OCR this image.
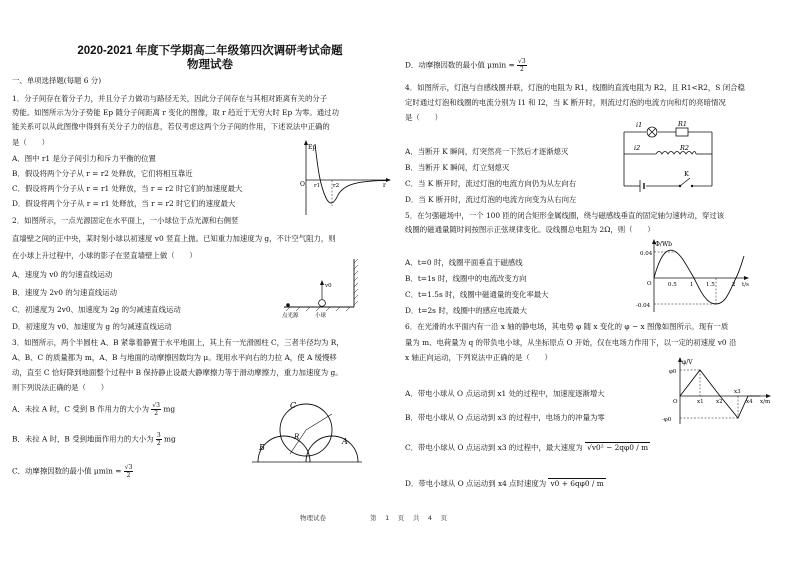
2020-2021 年度下学期高二年级第四次调研考试命题
物理试卷
一、单项选择题(每题 6 分)
1．分子间存在着分子力，并且分子力做功与路径无关，因此分子间存在与其相对距离有关的分子
势能。如图所示为分子势能 Ep 随分子间距离 r 变化的图像，取 r 趋近于无穷大时 Ep 为零。通过功
能关系可以从此图像中得到有关分子力的信息，若仅考虑这两个分子间的作用，下述说法中正确的
是（　　）
A．图中 r1 是分子间引力和斥力平衡的位置
B．假设将两个分子从 r = r2 处释放，它们将相互靠近
C．假设将两个分子从 r = r1 处释放，当 r = r2 时它们的加速度最大
D．假设将两个分子从 r = r1 处释放，当 r = r2 时它们的速度最大
2．如图所示，一点光源固定在水平面上，一小球位于点光源和右侧竖
直墙壁之间的正中央，某时刻小球以初速度 v0 竖直上抛。已知重力加速度为 g，不计空气阻力，则
在小球上升过程中，小球的影子在竖直墙壁上做（　　）
A．速度为 v0 的匀速直线运动
B．速度为 2v0 的匀速直线运动
C．初速度为 2v0、加速度为 2g 的匀减速直线运动
D．初速度为 v0、加速度为 g 的匀减速直线运动
3．如图所示，两个半圆柱 A、B 紧靠着静置于水平地面上，其上有一光滑圆柱 C，三者半径均为 R，
A、B、C 的质量都为 m，A、B 与地面的动摩擦因数均为 μ。现用水平向右的力拉 A，使 A 缓慢移
动，直至 C 恰好降到地面整个过程中 B 保持静止设最大静摩擦力等于滑动摩擦力，重力加速度为 g。
则下列说法正确的是（　　）
A．未拉 A 时，C 受到 B 作用力的大小为 $\frac{√3}{2}$ mg
B．未拉 A 时，B 受到地面作用力的大小为 $\frac{3}{2}$ mg
C．动摩擦因数的最小值 $\mu\min = \frac{√3}{2}$
Ep
O r1 r2	r
v0
点光源	小球
C
B
A
R
D．动摩擦因数的最小值 $\mu\min = \frac{√3}{2}$
4．如图所示，灯泡与自感线圈并联，灯泡的电阻为 R1，线圈的直流电阻为 R2，且 R1<R2，S 闭合稳
定时通过灯泡和线圈的电流分别为 I1 和 I2，当 K 断开时，则流过灯泡的电流方向和灯的亮暗情况
是（　　）
A．当断开 K 瞬间，灯突然亮一下然后才逐渐熄灭
B．当断开 K 瞬间，灯立刻熄灭
C．当 K 断开时，流过灯泡的电流方向仍为从左向右
D．当 K 断开时，流过灯泡的电流方向变为从右向左
5．在匀强磁场中，一个 100 匝的闭合矩形金属线圈，绕与磁感线垂直的固定轴匀速转动，穿过该
线圈的磁通量随时间按图示正弦规律变化。设线圈总电阻为 2Ω，则（　　）
A．t=0 时，线圈平面垂直于磁感线
B．t=1s 时，线圈中的电流改变方向
C．t=1.5s 时，线圈中磁通量的变化率最大
D．t=2s 时，线圈中的感应电流最大
6．在光滑的水平面内有一沿 x 轴的静电场，其电势 φ 随 x 变化的 φ − x 图像如图所示。现有一质
量为 m、电荷量为 q 的带负电小球，从坐标原点 O 开始，仅在电场力作用下，以一定的初速度 v0 沿
x 轴正向运动，下列说法中正确的是（　　）
A．带电小球从 O 点运动到 x1 处的过程中，加速度逐渐增大
B．带电小球从 O 点运动到 x3 的过程中，电场力的冲量为零
C．带电小球从 O 点运动到 x3 的过程中，最大速度为 √v0² − 2qφ0 / m
D．带电小球从 O 点运动到 x4 点时速度为 v0 + 6qφ0 / m
i1	R1
i2	R2
K
Φ/Wb
0.04
-0.04
O	0.5 1 1.5	2 t/s
φ/V
φ0
-φ0
O	x1 x2
x3
x4 x/m
物理试卷	第　 1　 页　 共　 4　 页
